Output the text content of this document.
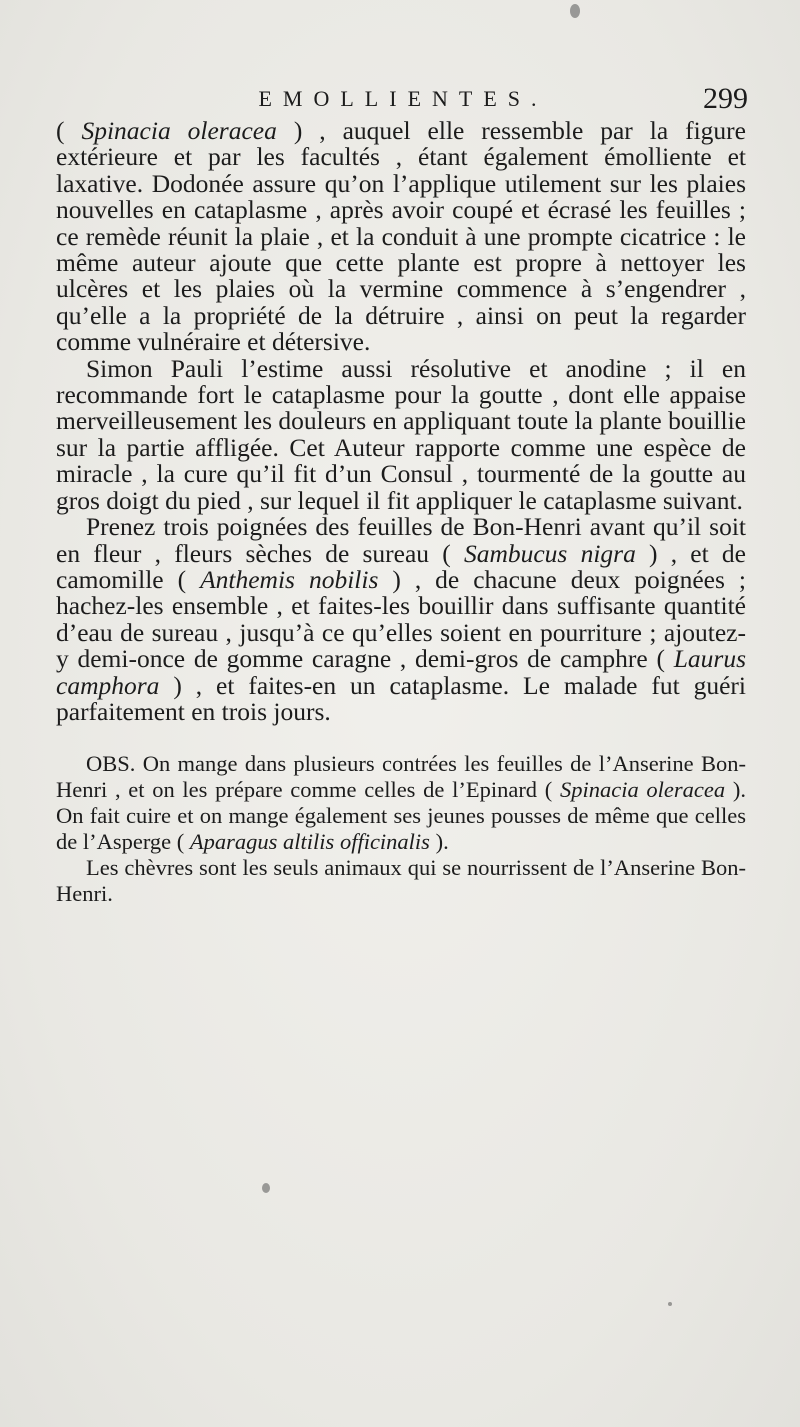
EMOLLIENTES.	299

( Spinacia oleracea ) , auquel elle ressemble par la figure extérieure et par les facultés , étant également émolliente et laxative. Dodonée assure qu’on l’applique utilement sur les plaies nouvelles en cataplasme , après avoir coupé et écrasé les feuilles ; ce remède réunit la plaie , et la conduit à une prompte cicatrice : le même auteur ajoute que cette plante est propre à nettoyer les ulcères et les plaies où la vermine commence à s’engendrer , qu’elle a la propriété de la détruire , ainsi on peut la regarder comme vulnéraire et détersive.

Simon Pauli l’estime aussi résolutive et anodine ; il en recommande fort le cataplasme pour la goutte , dont elle appaise merveilleusement les douleurs en appliquant toute la plante bouillie sur la partie affligée. Cet Auteur rapporte comme une espèce de miracle , la cure qu’il fit d’un Consul , tourmenté de la goutte au gros doigt du pied , sur lequel il fit appliquer le cataplasme suivant.

Prenez trois poignées des feuilles de Bon-Henri avant qu’il soit en fleur , fleurs sèches de sureau ( Sambucus nigra ) , et de camomille ( Anthemis nobilis ) , de chacune deux poignées ; hachez-les ensemble , et faites-les bouillir dans suffisante quantité d’eau de sureau , jusqu’à ce qu’elles soient en pourriture ; ajoutez-y demi-once de gomme caragne , demi-gros de camphre ( Laurus camphora ) , et faites-en un cataplasme. Le malade fut guéri parfaitement en trois jours.

OBS. On mange dans plusieurs contrées les feuilles de l’Anserine Bon-Henri , et on les prépare comme celles de l’Epinard ( Spinacia oleracea ). On fait cuire et on mange également ses jeunes pousses de même que celles de l’Asperge ( Aparagus altilis officinalis ).

Les chèvres sont les seuls animaux qui se nourrissent de l’Anserine Bon-Henri.
